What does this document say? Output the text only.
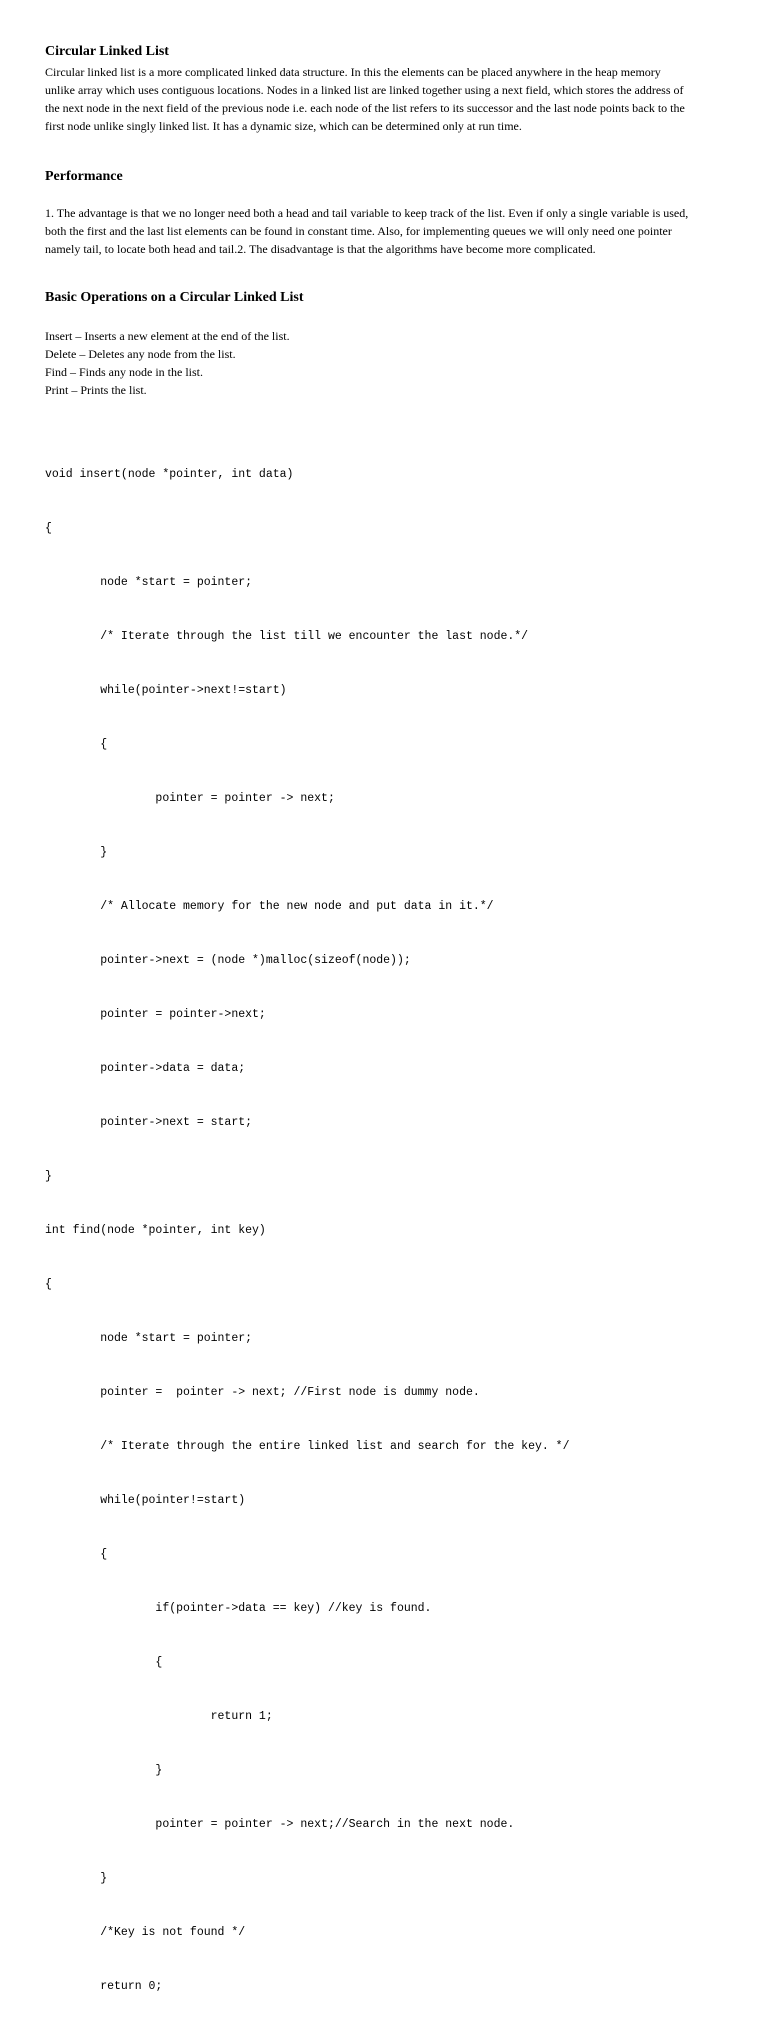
Circular Linked List
Circular linked list is a more complicated linked data structure. In this the elements can be placed anywhere in the heap memory
unlike array which uses contiguous locations. Nodes in a linked list are linked together using a next field, which stores the address of
the next node in the next field of the previous node i.e. each node of the list refers to its successor and the last node points back to the
first node unlike singly linked list. It has a dynamic size, which can be determined only at run time.
Performance
1. The advantage is that we no longer need both a head and tail variable to keep track of the list. Even if only a single variable is used,
both the first and the last list elements can be found in constant time. Also, for implementing queues we will only need one pointer
namely tail, to locate both head and tail.2. The disadvantage is that the algorithms have become more complicated.
Basic Operations on a Circular Linked List
Insert – Inserts a new element at the end of the list.
Delete – Deletes any node from the list.
Find – Finds any node in the list.
Print – Prints the list.

void insert(node *pointer, int data)

{

node *start = pointer;

/* Iterate through the list till we encounter the last node.*/

while(pointer->next!=start)

{

pointer = pointer -> next;

}

/* Allocate memory for the new node and put data in it.*/

pointer->next = (node *)malloc(sizeof(node));

pointer = pointer->next;

pointer->data = data;

pointer->next = start;

}

int find(node *pointer, int key)

{

node *start = pointer;

pointer =  pointer -> next; //First node is dummy node.

/* Iterate through the entire linked list and search for the key. */

while(pointer!=start)

{

if(pointer->data == key) //key is found.

{

return 1;

}

pointer = pointer -> next;//Search in the next node.

}

/*Key is not found */

return 0;
